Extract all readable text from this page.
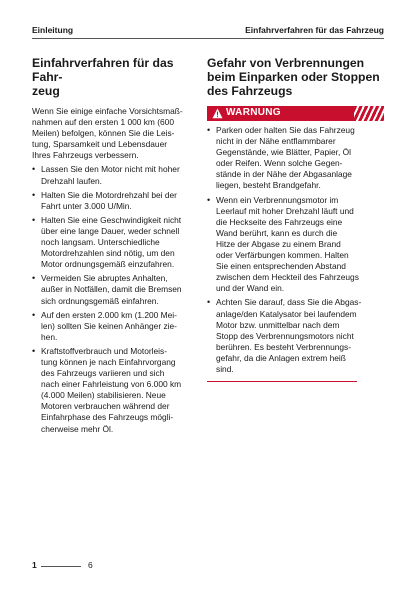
Einleitung	Einfahrverfahren für das Fahrzeug
Einfahrverfahren für das Fahr-
zeug

Wenn Sie einige einfache Vorsichtsmaß-
nahmen auf den ersten 1 000 km (600
Meilen) befolgen, können Sie die Leis-
tung, Sparsamkeit und Lebensdauer
Ihres Fahrzeugs verbessern.

• Lassen Sie den Motor nicht mit hoher
Drehzahl laufen.
• Halten Sie die Motordrehzahl bei der
Fahrt unter 3.000 U/Min.
• Halten Sie eine Geschwindigkeit nicht
über eine lange Dauer, weder schnell
noch langsam. Unterschiedliche
Motordrehzahlen sind nötig, um den
Motor ordnungsgemäß einzufahren.
• Vermeiden Sie abruptes Anhalten,
außer in Notfällen, damit die Bremsen
sich ordnungsgemäß einfahren.
• Auf den ersten 2.000 km (1.200 Mei-
len) sollten Sie keinen Anhänger zie-
hen.
• Kraftstoffverbrauch und Motorleis-
tung können je nach Einfahrvorgang
des Fahrzeugs variieren und sich
nach einer Fahrleistung von 6.000 km
(4.000 Meilen) stabilisieren. Neue
Motoren verbrauchen während der
Einfahrphase des Fahrzeugs mögli-
cherweise mehr Öl.
Gefahr von Verbrennungen
beim Einparken oder Stoppen
des Fahrzeugs
WARNUNG
• Parken oder halten Sie das Fahrzeug
nicht in der Nähe entflammbarer
Gegenstände, wie Blätter, Papier, Öl
oder Reifen. Wenn solche Gegen-
stände in der Nähe der Abgasanlage
liegen, besteht Brandgefahr.
• Wenn ein Verbrennungsmotor im
Leerlauf mit hoher Drehzahl läuft und
die Heckseite des Fahrzeugs eine
Wand berührt, kann es durch die
Hitze der Abgase zu einem Brand
oder Verfärbungen kommen. Halten
Sie einen entsprechenden Abstand
zwischen dem Heckteil des Fahrzeugs
und der Wand ein.
• Achten Sie darauf, dass Sie die Abgas-
anlage/den Katalysator bei laufendem
Motor bzw. unmittelbar nach dem
Stopp des Verbrennungsmotors nicht
berühren. Es besteht Verbrennungs-
gefahr, da die Anlagen extrem heiß
sind.
1	6
